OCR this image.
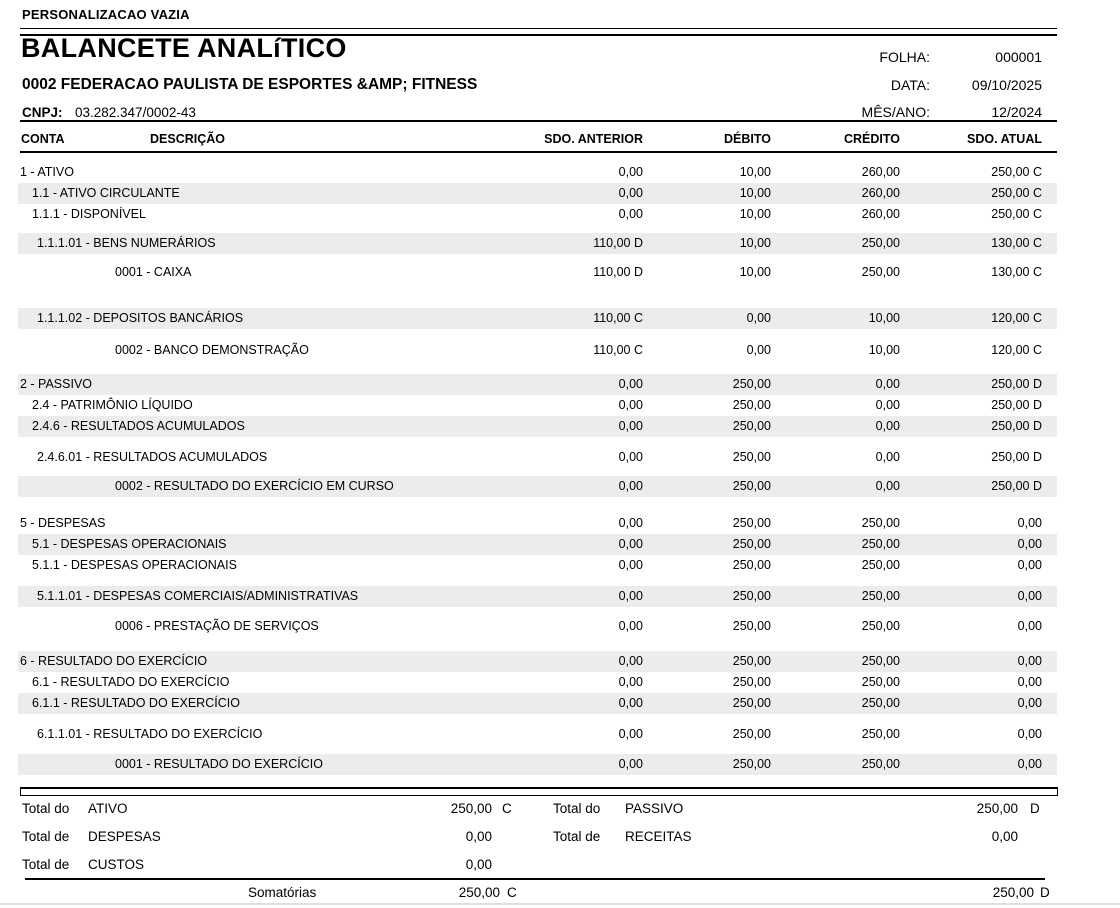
PERSONALIZACAO VAZIA
BALANCETE ANALíTICO
0002 FEDERACAO PAULISTA DE ESPORTES &AMP; FITNESS
CNPJ: 03.282.347/0002-43
FOLHA:	000001
DATA:	09/10/2025
MÊS/ANO:	12/2024
CONTA	DESCRIÇÃO	SDO. ANTERIOR	DÉBITO	CRÉDITO	SDO. ATUAL
1 - ATIVO	0,00	10,00	260,00	250,00 C
1.1 - ATIVO CIRCULANTE	0,00	10,00	260,00	250,00 C
1.1.1 - DISPONÍVEL	0,00	10,00	260,00	250,00 C
1.1.1.01 - BENS NUMERÁRIOS	110,00 D	10,00	250,00	130,00 C
0001 - CAIXA	110,00 D	10,00	250,00	130,00 C
1.1.1.02 - DEPOSITOS BANCÁRIOS	110,00 C	0,00	10,00	120,00 C
0002 - BANCO DEMONSTRAÇÃO	110,00 C	0,00	10,00	120,00 C
2 - PASSIVO	0,00	250,00	0,00	250,00 D
2.4 - PATRIMÔNIO LÍQUIDO	0,00	250,00	0,00	250,00 D
2.4.6 - RESULTADOS ACUMULADOS	0,00	250,00	0,00	250,00 D
2.4.6.01 - RESULTADOS ACUMULADOS	0,00	250,00	0,00	250,00 D
0002 - RESULTADO DO EXERCÍCIO EM CURSO	0,00	250,00	0,00	250,00 D
5 - DESPESAS	0,00	250,00	250,00	0,00
5.1 - DESPESAS OPERACIONAIS	0,00	250,00	250,00	0,00
5.1.1 - DESPESAS OPERACIONAIS	0,00	250,00	250,00	0,00
5.1.1.01 - DESPESAS COMERCIAIS/ADMINISTRATIVAS	0,00	250,00	250,00	0,00
0006 - PRESTAÇÃO DE SERVIÇOS	0,00	250,00	250,00	0,00
6 - RESULTADO DO EXERCÍCIO	0,00	250,00	250,00	0,00
6.1 - RESULTADO DO EXERCÍCIO	0,00	250,00	250,00	0,00
6.1.1 - RESULTADO DO EXERCÍCIO	0,00	250,00	250,00	0,00
6.1.1.01 - RESULTADO DO EXERCÍCIO	0,00	250,00	250,00	0,00
0001 - RESULTADO DO EXERCÍCIO	0,00	250,00	250,00	0,00
Total do ATIVO	250,00 C	Total do PASSIVO	250,00 D
Total de DESPESAS	0,00	Total de RECEITAS	0,00
Total de CUSTOS	0,00
Somatórias	250,00 C	250,00 D
